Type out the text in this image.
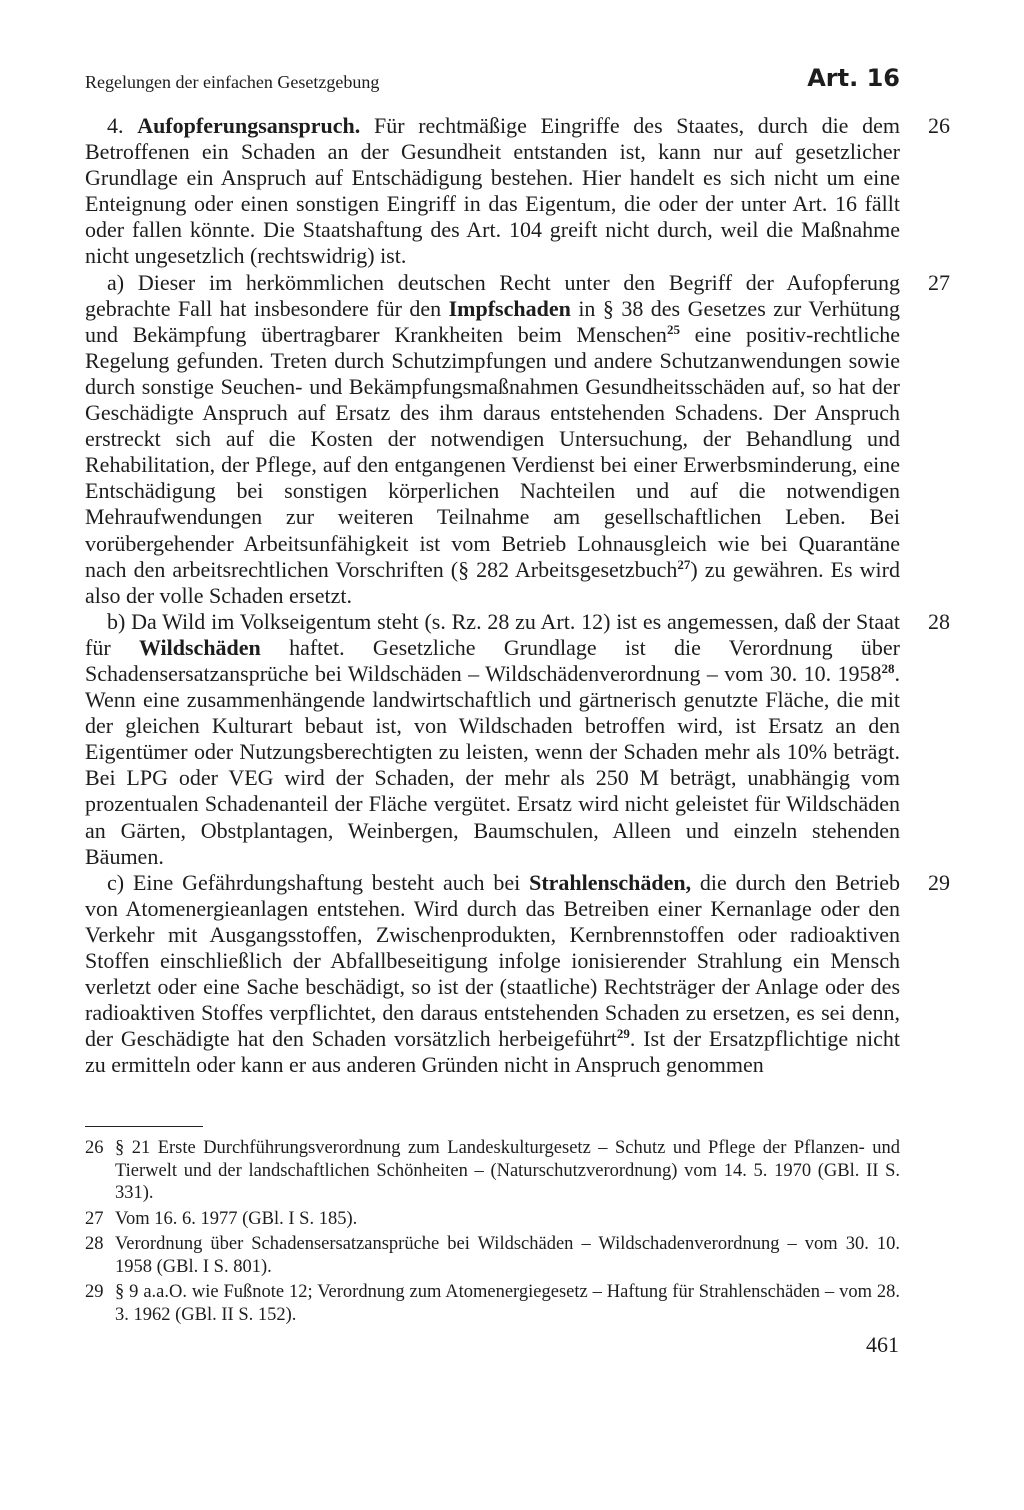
Regelungen der einfachen Gesetzgebung	Art. 16

26
4. Aufopferungsanspruch. Für rechtmäßige Eingriffe des Staates, durch die dem Betroffenen ein Schaden an der Gesundheit entstanden ist, kann nur auf gesetzlicher Grundlage ein Anspruch auf Entschädigung bestehen. Hier handelt es sich nicht um eine Enteignung oder einen sonstigen Eingriff in das Eigentum, die oder der unter Art. 16 fällt oder fallen könnte. Die Staatshaftung des Art. 104 greift nicht durch, weil die Maßnahme nicht ungesetzlich (rechtswidrig) ist.

27
a) Dieser im herkömmlichen deutschen Recht unter den Begriff der Aufopferung gebrachte Fall hat insbesondere für den Impfschaden in § 38 des Gesetzes zur Verhütung und Bekämpfung übertragbarer Krankheiten beim Menschen$^{25}$ eine positiv-rechtliche Regelung gefunden. Treten durch Schutzimpfungen und andere Schutzanwendungen sowie durch sonstige Seuchen- und Bekämpfungsmaßnahmen Gesundheitsschäden auf, so hat der Geschädigte Anspruch auf Ersatz des ihm daraus entstehenden Schadens. Der Anspruch erstreckt sich auf die Kosten der notwendigen Untersuchung, der Behandlung und Rehabilitation, der Pflege, auf den entgangenen Verdienst bei einer Erwerbsminderung, eine Entschädigung bei sonstigen körperlichen Nachteilen und auf die notwendigen Mehraufwendungen zur weiteren Teilnahme am gesellschaftlichen Leben. Bei vorübergehender Arbeitsunfähigkeit ist vom Betrieb Lohnausgleich wie bei Quarantäne nach den arbeitsrechtlichen Vorschriften (§ 282 Arbeitsgesetzbuch$^{27}$) zu gewähren. Es wird also der volle Schaden ersetzt.

28
b) Da Wild im Volkseigentum steht (s. Rz. 28 zu Art. 12) ist es angemessen, daß der Staat für Wildschäden haftet. Gesetzliche Grundlage ist die Verordnung über Schadensersatzansprüche bei Wildschäden – Wildschädenverordnung – vom 30. 10. 1958$^{28}$. Wenn eine zusammenhängende landwirtschaftlich und gärtnerisch genutzte Fläche, die mit der gleichen Kulturart bebaut ist, von Wildschaden betroffen wird, ist Ersatz an den Eigentümer oder Nutzungsberechtigten zu leisten, wenn der Schaden mehr als 10% beträgt. Bei LPG oder VEG wird der Schaden, der mehr als 250 M beträgt, unabhängig vom prozentualen Schadenanteil der Fläche vergütet. Ersatz wird nicht geleistet für Wildschäden an Gärten, Obstplantagen, Weinbergen, Baumschulen, Alleen und einzeln stehenden Bäumen.

29
c) Eine Gefährdungshaftung besteht auch bei Strahlenschäden, die durch den Betrieb von Atomenergieanlagen entstehen. Wird durch das Betreiben einer Kernanlage oder den Verkehr mit Ausgangsstoffen, Zwischenprodukten, Kernbrennstoffen oder radioaktiven Stoffen einschließlich der Abfallbeseitigung infolge ionisierender Strahlung ein Mensch verletzt oder eine Sache beschädigt, so ist der (staatliche) Rechtsträger der Anlage oder des radioaktiven Stoffes verpflichtet, den daraus entstehenden Schaden zu ersetzen, es sei denn, der Geschädigte hat den Schaden vorsätzlich herbeigeführt$^{29}$. Ist der Ersatzpflichtige nicht zu ermitteln oder kann er aus anderen Gründen nicht in Anspruch genommen

26 § 21 Erste Durchführungsverordnung zum Landeskulturgesetz – Schutz und Pflege der Pflanzen- und Tierwelt und der landschaftlichen Schönheiten – (Naturschutzverordnung) vom 14. 5. 1970 (GBl. II S. 331).
27 Vom 16. 6. 1977 (GBl. I S. 185).
28 Verordnung über Schadensersatzansprüche bei Wildschäden – Wildschadenverordnung – vom 30. 10. 1958 (GBl. I S. 801).
29 § 9 a.a.O. wie Fußnote 12; Verordnung zum Atomenergiegesetz – Haftung für Strahlenschäden – vom 28. 3. 1962 (GBl. II S. 152).
461
